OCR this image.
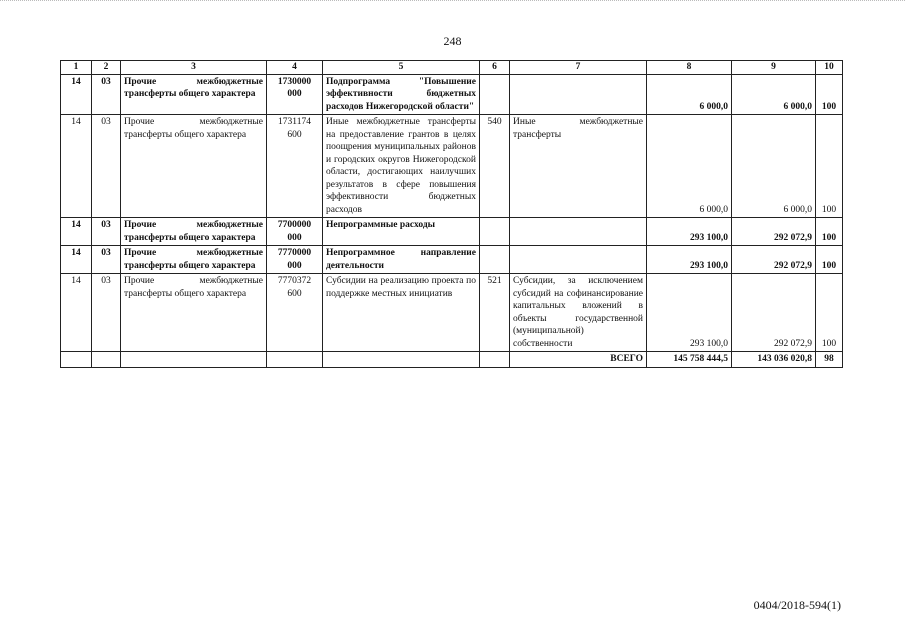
248
1	2	3	4	5	6	7	8	9	10
14	03	Прочие межбюджетные трансферты общего характера	1730000 000	Подпрограмма "Повышение эффективности бюджетных расходов Нижегородской области"			6 000,0	6 000,0	100
14	03	Прочие межбюджетные трансферты общего характера	1731174 600	Иные межбюджетные трансферты на предоставление грантов в целях поощрения муниципальных районов и городских округов Нижегородской области, достигающих наилучших результатов в сфере повышения эффективности бюджетных расходов	540	Иные межбюджетные трансферты	6 000,0	6 000,0	100
14	03	Прочие межбюджетные трансферты общего характера	7700000 000	Непрограммные расходы			293 100,0	292 072,9	100
14	03	Прочие межбюджетные трансферты общего характера	7770000 000	Непрограммное направление деятельности			293 100,0	292 072,9	100
14	03	Прочие межбюджетные трансферты общего характера	7770372 600	Субсидии на реализацию проекта по поддержке местных инициатив	521	Субсидии, за исключением субсидий на софинансирование капитальных вложений в объекты государственной (муниципальной) собственности	293 100,0	292 072,9	100
						ВСЕГО	145 758 444,5	143 036 020,8	98
0404/2018-594(1)
